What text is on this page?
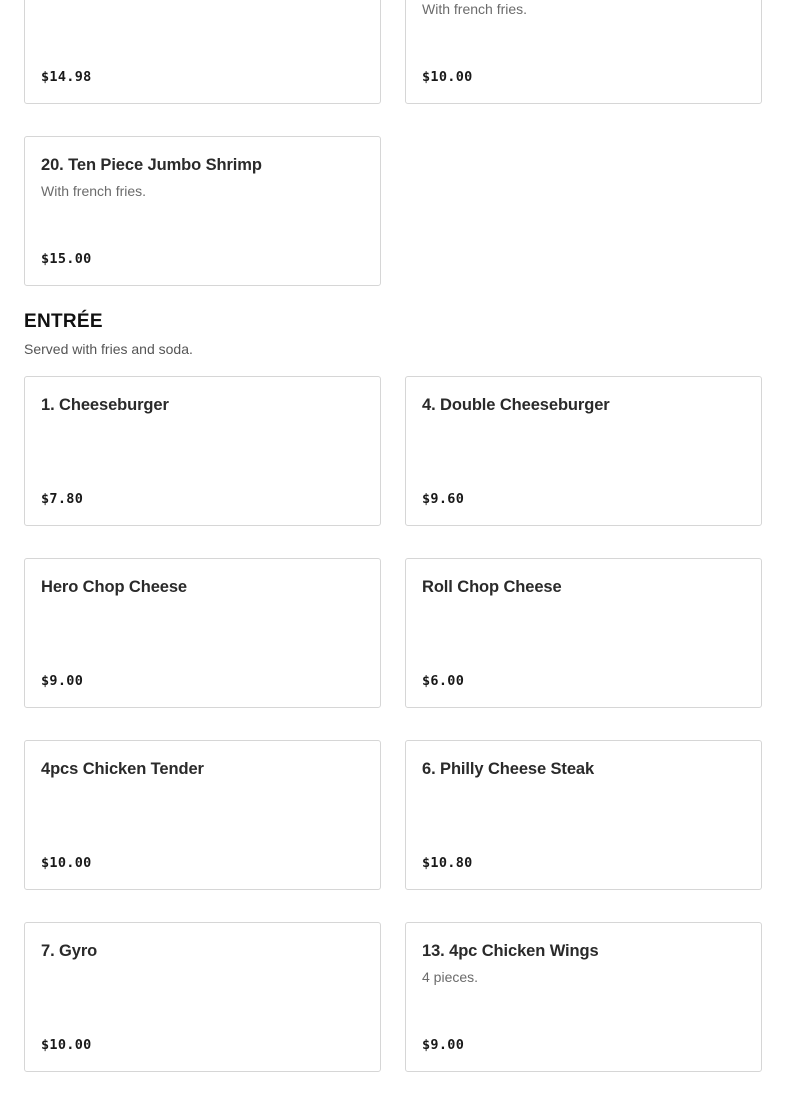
$14.98
With french fries.
$10.00
20. Ten Piece Jumbo Shrimp
With french fries.
$15.00
ENTRÉE
Served with fries and soda.
1. Cheeseburger
$7.80
4. Double Cheeseburger
$9.60
Hero Chop Cheese
$9.00
Roll Chop Cheese
$6.00
4pcs Chicken Tender
$10.00
6. Philly Cheese Steak
$10.80
7. Gyro
$10.00
13. 4pc Chicken Wings
4 pieces.
$9.00
